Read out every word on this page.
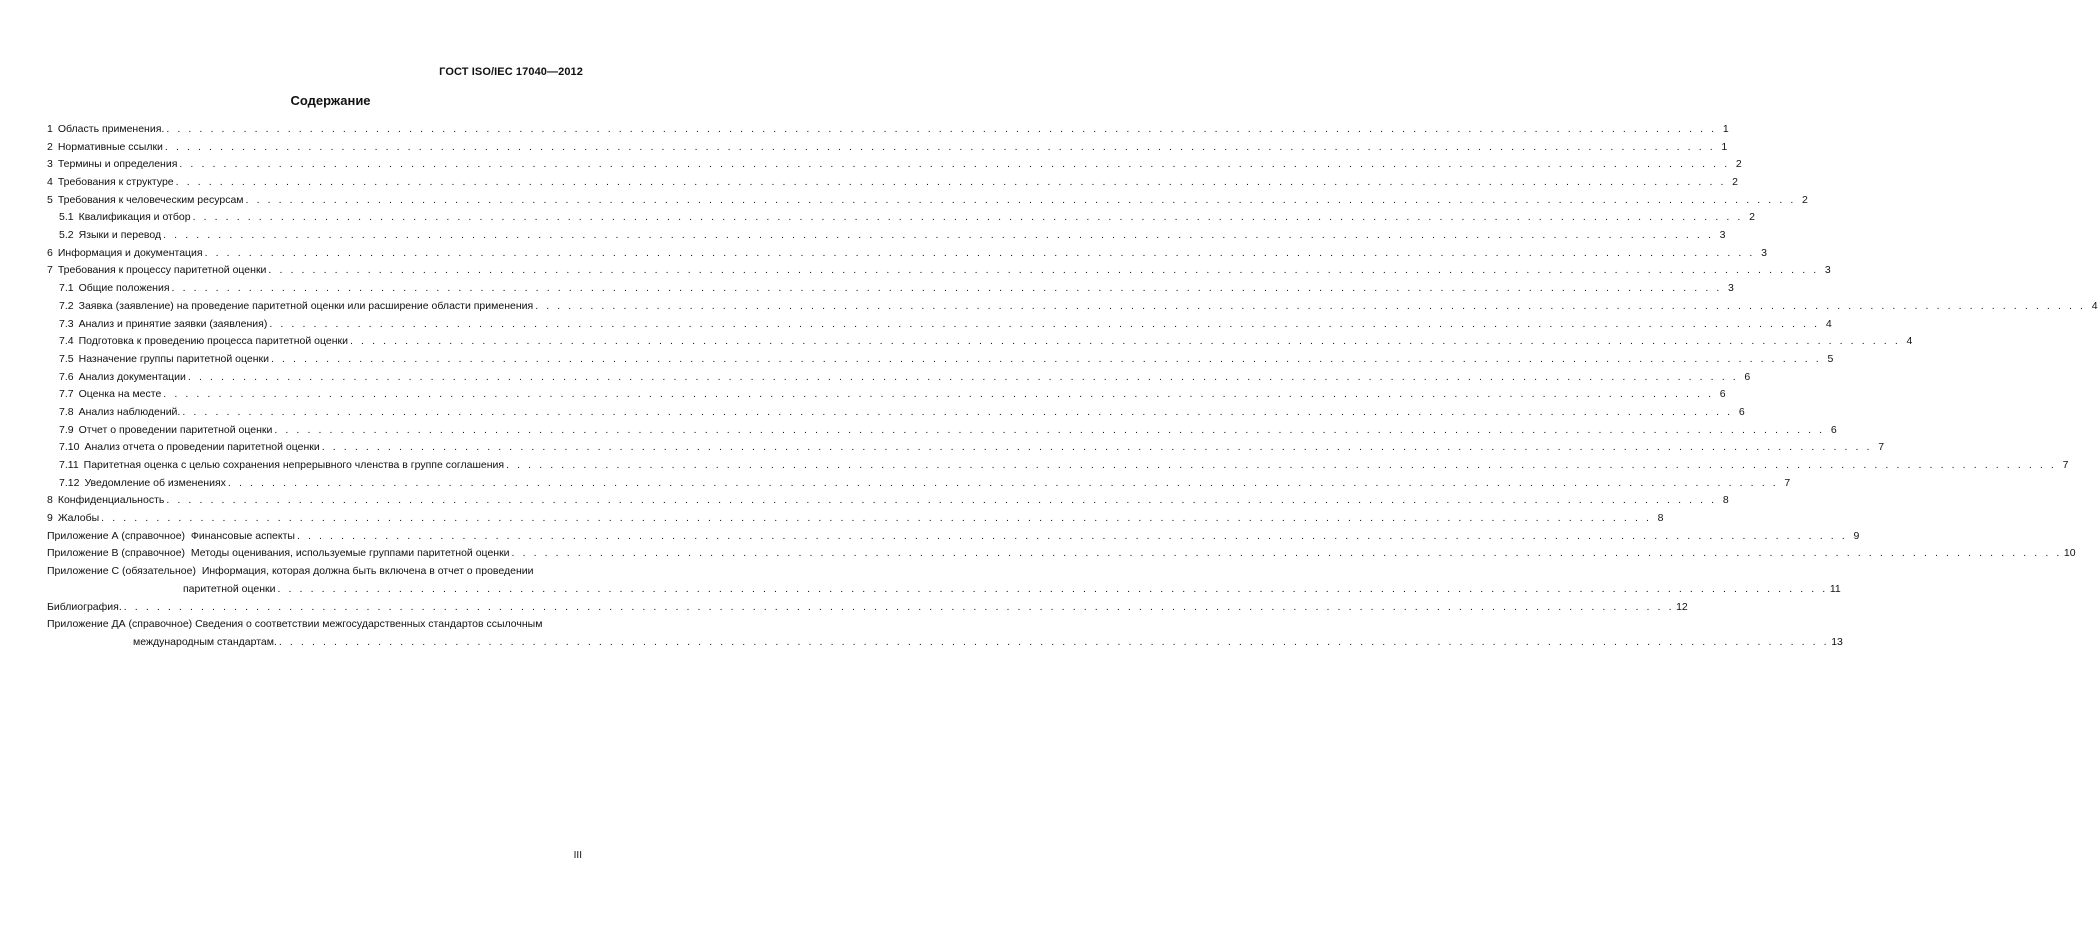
ГОСТ ISO/IEC 17040—2012
Содержание
1 Область применения. . . .	1
2 Нормативные ссылки . . .	1
3 Термины и определения . . .	2
4 Требования к структуре . . .	2
5 Требования к человеческим ресурсам . . .	2
5.1 Квалификация и отбор . . .	2
5.2 Языки и перевод . . .	3
6 Информация и документация . . .	3
7 Требования к процессу паритетной оценки . . .	3
7.1 Общие положения . . .	3
7.2 Заявка (заявление) на проведение паритетной оценки или расширение области применения . . .	4
7.3 Анализ и принятие заявки (заявления) . . .	4
7.4 Подготовка к проведению процесса паритетной оценки . . .	4
7.5 Назначение группы паритетной оценки . . .	5
7.6 Анализ документации . . .	6
7.7 Оценка на месте . . .	6
7.8 Анализ наблюдений. . . .	6
7.9 Отчет о проведении паритетной оценки . . .	6
7.10 Анализ отчета о проведении паритетной оценки . . .	7
7.11 Паритетная оценка с целью сохранения непрерывного членства в группе соглашения . . .	7
7.12 Уведомление об изменениях . . .	7
8 Конфиденциальность . . .	8
9 Жалобы . . .	8
Приложение А (справочное)  Финансовые аспекты . . .	9
Приложение В (справочное)  Методы оценивания, используемые группами паритетной оценки . . .	10
Приложение С (обязательное)  Информация, которая должна быть включена в отчет о проведении
паритетной оценки . . .	11
Библиография. . . .	12
Приложение ДА (справочное) Сведения о соответствии межгосударственных стандартов ссылочным
международным стандартам. . . .	13
III
